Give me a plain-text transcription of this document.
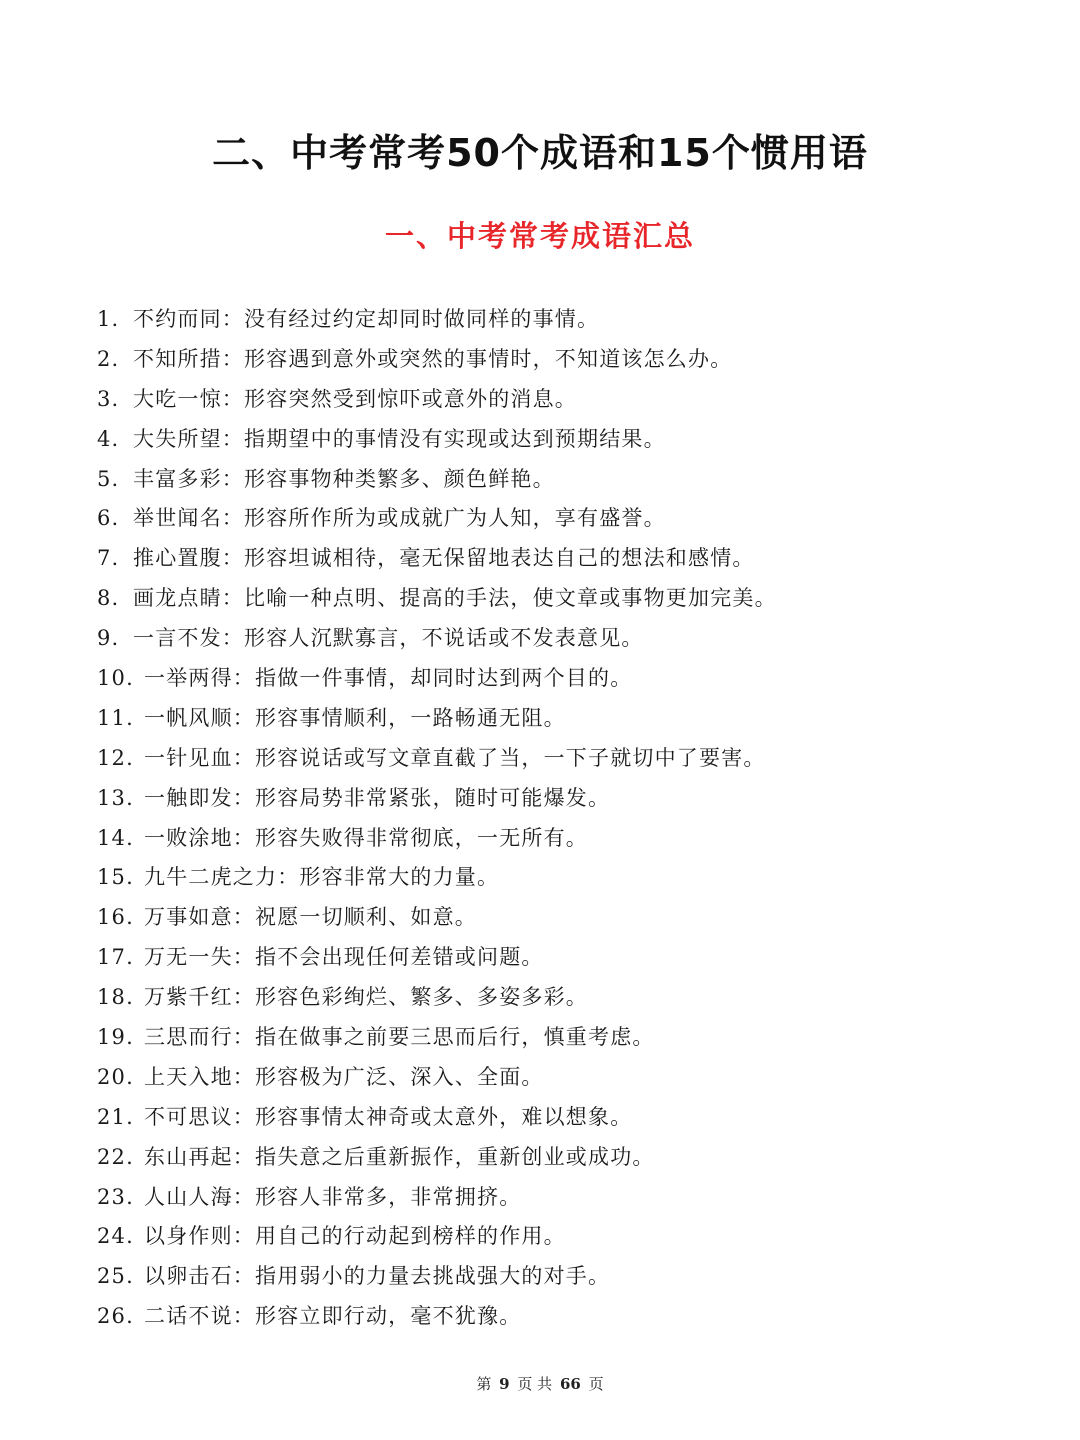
二、中考常考50个成语和15个惯用语
一、中考常考成语汇总
1. 不约而同：没有经过约定却同时做同样的事情。
2. 不知所措：形容遇到意外或突然的事情时，不知道该怎么办。
3. 大吃一惊：形容突然受到惊吓或意外的消息。
4. 大失所望：指期望中的事情没有实现或达到预期结果。
5. 丰富多彩：形容事物种类繁多、颜色鲜艳。
6. 举世闻名：形容所作所为或成就广为人知，享有盛誉。
7. 推心置腹：形容坦诚相待，毫无保留地表达自己的想法和感情。
8. 画龙点睛：比喻一种点明、提高的手法，使文章或事物更加完美。
9. 一言不发：形容人沉默寡言，不说话或不发表意见。
10. 一举两得：指做一件事情，却同时达到两个目的。
11. 一帆风顺：形容事情顺利，一路畅通无阻。
12. 一针见血：形容说话或写文章直截了当，一下子就切中了要害。
13. 一触即发：形容局势非常紧张，随时可能爆发。
14. 一败涂地：形容失败得非常彻底，一无所有。
15. 九牛二虎之力：形容非常大的力量。
16. 万事如意：祝愿一切顺利、如意。
17. 万无一失：指不会出现任何差错或问题。
18. 万紫千红：形容色彩绚烂、繁多、多姿多彩。
19. 三思而行：指在做事之前要三思而后行，慎重考虑。
20. 上天入地：形容极为广泛、深入、全面。
21. 不可思议：形容事情太神奇或太意外，难以想象。
22. 东山再起：指失意之后重新振作，重新创业或成功。
23. 人山人海：形容人非常多，非常拥挤。
24. 以身作则：用自己的行动起到榜样的作用。
25. 以卵击石：指用弱小的力量去挑战强大的对手。
26. 二话不说：形容立即行动，毫不犹豫。
第 9 页 共 66 页
